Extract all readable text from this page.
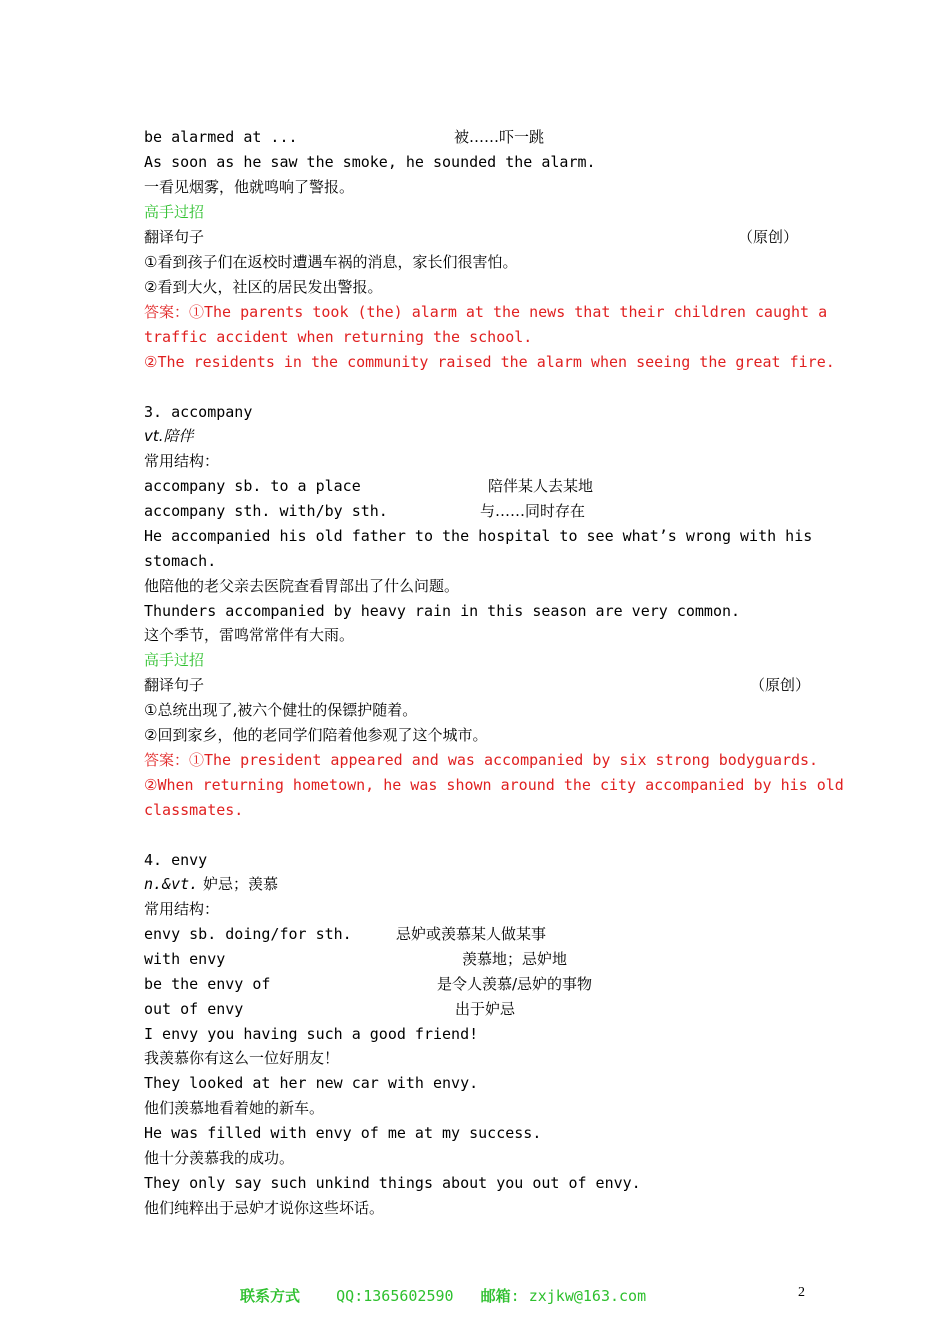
be alarmed at ...	被……吓一跳
As soon as he saw the smoke, he sounded the alarm.
一看见烟雾，他就鸣响了警报。
高手过招
翻译句子	（原创）
①看到孩子们在返校时遭遇车祸的消息，家长们很害怕。
②看到大火，社区的居民发出警报。
答案：①The parents took (the) alarm at the news that their children caught a
traffic accident when returning the school.
②The residents in the community raised the alarm when seeing the great fire.
3. accompany
vt.陪伴
常用结构：
accompany sb. to a place	陪伴某人去某地
accompany sth. with/by sth.	与……同时存在
He accompanied his old father to the hospital to see what’s wrong with his
stomach.
他陪他的老父亲去医院查看胃部出了什么问题。
Thunders accompanied by heavy rain in this season are very common.
这个季节，雷鸣常常伴有大雨。
高手过招
翻译句子	（原创）
①总统出现了,被六个健壮的保镖护随着。
②回到家乡，他的老同学们陪着他参观了这个城市。
答案：①The president appeared and was accompanied by six strong bodyguards.
②When returning hometown, he was shown around the city accompanied by his old
classmates.
4. envy
n.&vt. 妒忌；羡慕
常用结构：
envy sb. doing/for sth.	忌妒或羡慕某人做某事
with envy	羡慕地；忌妒地
be the envy of	是令人羡慕/忌妒的事物
out of envy	出于妒忌
I envy you having such a good friend!
我羡慕你有这么一位好朋友！
They looked at her new car with envy.
他们羡慕地看着她的新车。
He was filled with envy of me at my success.
他十分羡慕我的成功。
They only say such unkind things about you out of envy.
他们纯粹出于忌妒才说你这些坏话。
联系方式 QQ:1365602590 邮箱: zxjkw@163.com	2
